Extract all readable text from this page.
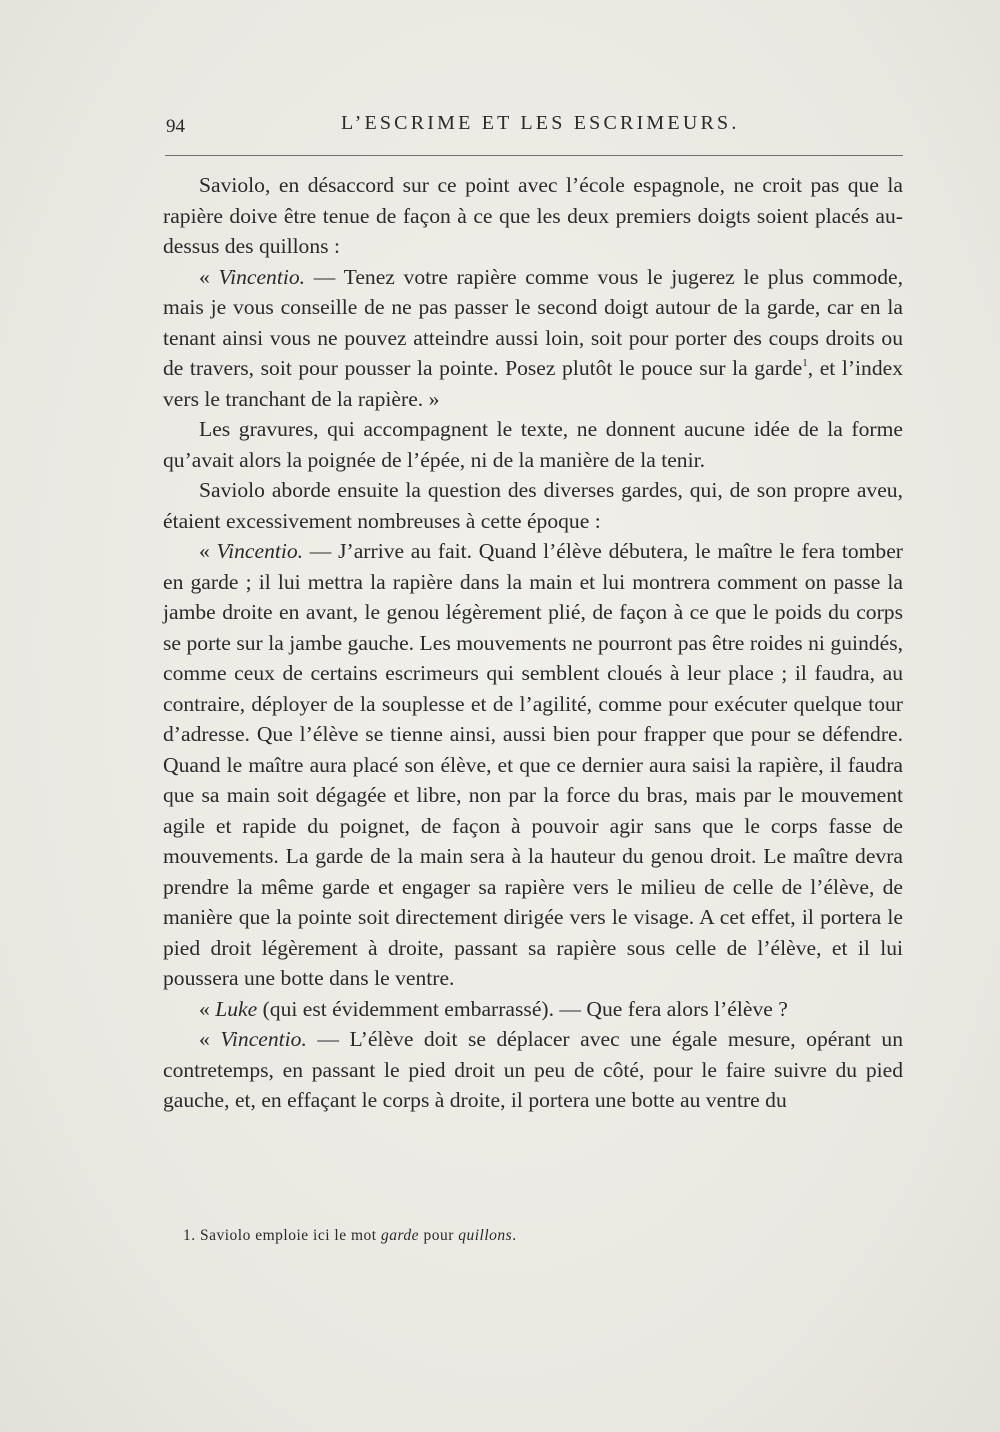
94	L’ESCRIME ET LES ESCRIMEURS.

Saviolo, en désaccord sur ce point avec l’école espagnole, ne croit pas que la rapière doive être tenue de façon à ce que les deux premiers doigts soient placés au-dessus des quillons :

« Vincentio. — Tenez votre rapière comme vous le jugerez le plus commode, mais je vous conseille de ne pas passer le second doigt autour de la garde, car en la tenant ainsi vous ne pouvez atteindre aussi loin, soit pour porter des coups droits ou de travers, soit pour pousser la pointe. Posez plutôt le pouce sur la garde$^1$, et l’index vers le tranchant de la rapière. »

Les gravures, qui accompagnent le texte, ne donnent aucune idée de la forme qu’avait alors la poignée de l’épée, ni de la manière de la tenir.

Saviolo aborde ensuite la question des diverses gardes, qui, de son propre aveu, étaient excessivement nombreuses à cette époque :

« Vincentio. — J’arrive au fait. Quand l’élève débutera, le maître le fera tomber en garde ; il lui mettra la rapière dans la main et lui montrera comment on passe la jambe droite en avant, le genou légèrement plié, de façon à ce que le poids du corps se porte sur la jambe gauche. Les mouvements ne pourront pas être roides ni guindés, comme ceux de certains escrimeurs qui semblent cloués à leur place ; il faudra, au contraire, déployer de la souplesse et de l’agilité, comme pour exécuter quelque tour d’adresse. Que l’élève se tienne ainsi, aussi bien pour frapper que pour se défendre. Quand le maître aura placé son élève, et que ce dernier aura saisi la rapière, il faudra que sa main soit dégagée et libre, non par la force du bras, mais par le mouvement agile et rapide du poignet, de façon à pouvoir agir sans que le corps fasse de mouvements. La garde de la main sera à la hauteur du genou droit. Le maître devra prendre la même garde et engager sa rapière vers le milieu de celle de l’élève, de manière que la pointe soit directement dirigée vers le visage. A cet effet, il portera le pied droit légèrement à droite, passant sa rapière sous celle de l’élève, et il lui poussera une botte dans le ventre.

« Luke (qui est évidemment embarrassé). — Que fera alors l’élève ?

« Vincentio. — L’élève doit se déplacer avec une égale mesure, opérant un contretemps, en passant le pied droit un peu de côté, pour le faire suivre du pied gauche, et, en effaçant le corps à droite, il portera une botte au ventre du

1. Saviolo emploie ici le mot garde pour quillons.
